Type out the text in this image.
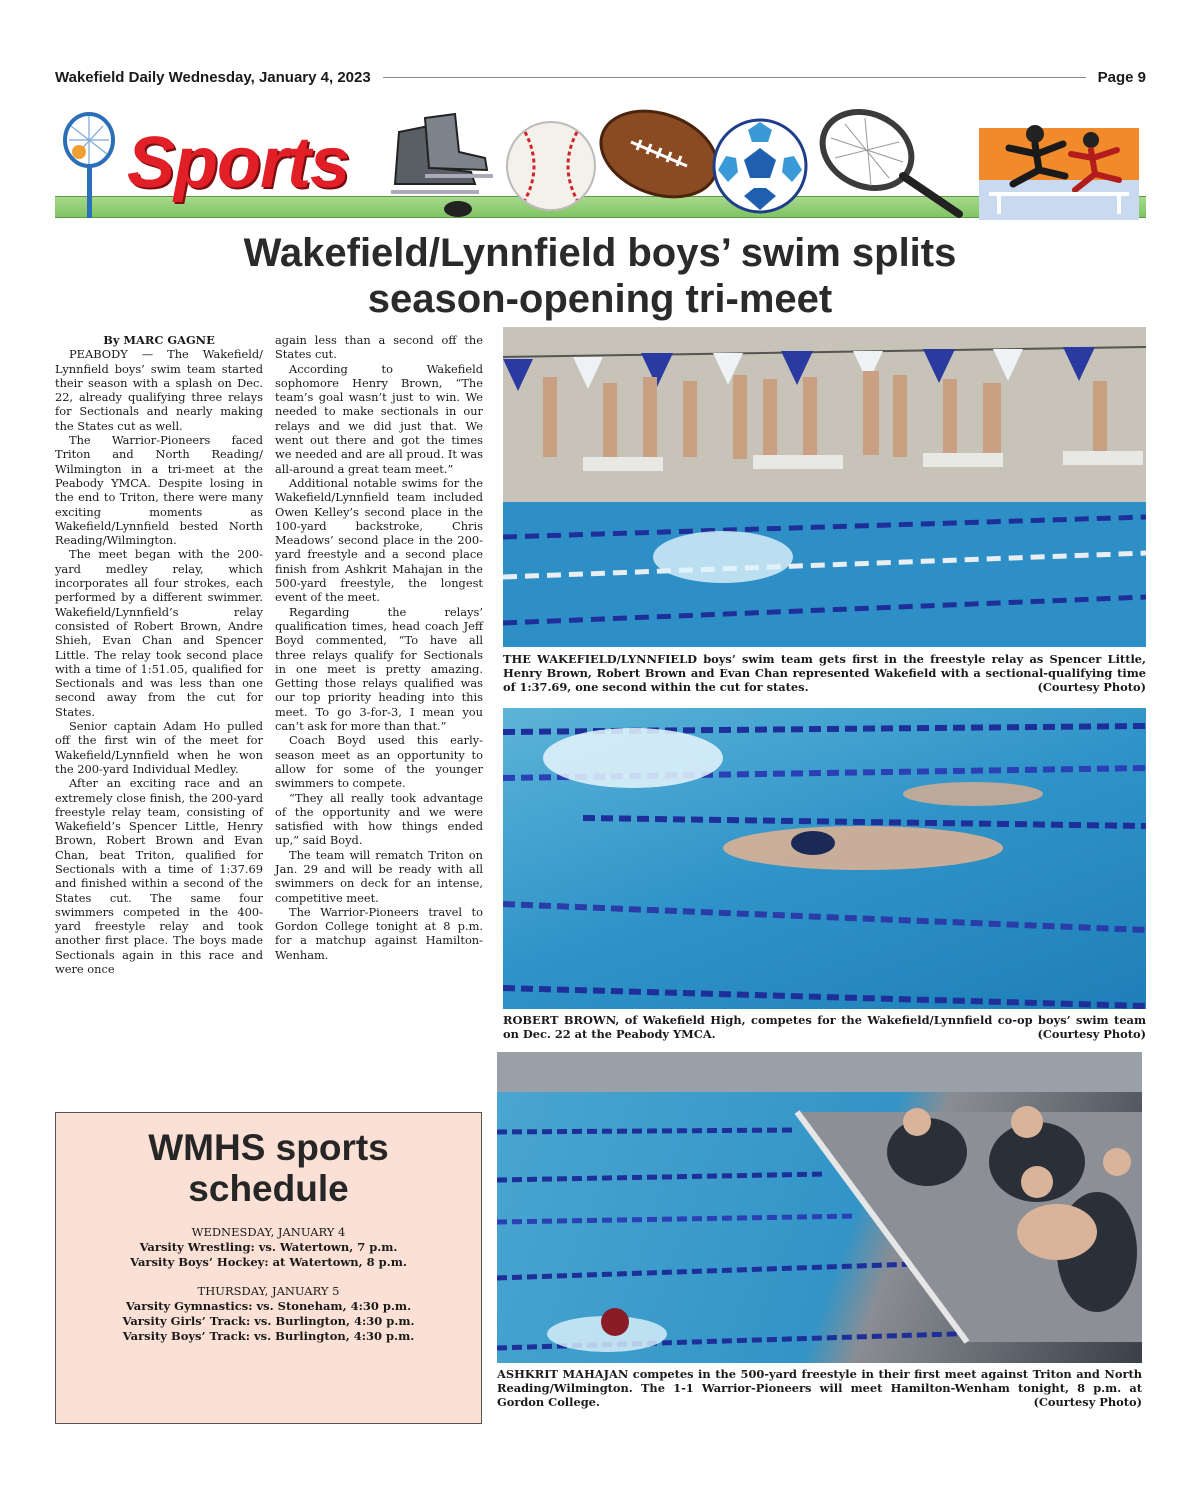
Wakefield Daily Wednesday, January 4, 2023	Page 9
Sports
Wakefield/Lynnfield boys’ swim splits
season-opening tri-meet

By MARC GAGNE

PEABODY — The Wakefield/ Lynnfield boys’ swim team started their season with a splash on Dec. 22, already qualifying three relays for Sectionals and nearly making the States cut as well.

The Warrior-Pioneers faced Triton and North Reading/ Wilmington in a tri-meet at the Peabody YMCA. Despite losing in the end to Triton, there were many exciting moments as Wakefield/Lynnfield bested North Reading/Wilmington.

The meet began with the 200-yard medley relay, which incorporates all four strokes, each performed by a different swimmer. Wakefield/Lynnfield’s relay consisted of Robert Brown, Andre Shieh, Evan Chan and Spencer Little. The relay took second place with a time of 1:51.05, qualified for Sectionals and was less than one second away from the cut for States.

Senior captain Adam Ho pulled off the first win of the meet for Wakefield/Lynnfield when he won the 200-yard Individual Medley.

After an exciting race and an extremely close finish, the 200-yard freestyle relay team, consisting of Wakefield’s Spencer Little, Henry Brown, Robert Brown and Evan Chan, beat Triton, qualified for Sectionals with a time of 1:37.69 and finished within a second of the States cut. The same four swimmers competed in the 400-yard freestyle relay and took another first place. The boys made Sectionals again in this race and were once

again less than a second off the States cut.

According to Wakefield sophomore Henry Brown, “The team’s goal wasn’t just to win. We needed to make sectionals in our relays and we did just that. We went out there and got the times we needed and are all proud. It was all-around a great team meet.”

Additional notable swims for the Wakefield/Lynnfield team included Owen Kelley’s second place in the 100-yard backstroke, Chris Meadows’ second place in the 200-yard freestyle and a second place finish from Ashkrit Mahajan in the 500-yard freestyle, the longest event of the meet.

Regarding the relays’ qualification times, head coach Jeff Boyd commented, “To have all three relays qualify for Sectionals in one meet is pretty amazing. Getting those relays qualified was our top priority heading into this meet. To go 3-for-3, I mean you can’t ask for more than that.”

Coach Boyd used this early-season meet as an opportunity to allow for some of the younger swimmers to compete.

“They all really took advantage of the opportunity and we were satisfied with how things ended up,” said Boyd.

The team will rematch Triton on Jan. 29 and will be ready with all swimmers on deck for an intense, competitive meet.

The Warrior-Pioneers travel to Gordon College tonight at 8 p.m. for a matchup against Hamilton-Wenham.

THE WAKEFIELD/LYNNFIELD boys’ swim team gets first in the freestyle relay as Spencer Little, Henry Brown, Robert Brown and Evan Chan represented Wakefield with a sectional-qualifying time of 1:37.69, one second within the cut for states.	(Courtesy Photo)
ROBERT BROWN, of Wakefield High, competes for the Wakefield/Lynnfield co-op boys’ swim team on Dec. 22 at the Peabody YMCA.	(Courtesy Photo)
ASHKRIT MAHAJAN competes in the 500-yard freestyle in their first meet against Triton and North Reading/Wilmington. The 1-1 Warrior-Pioneers will meet Hamilton-Wenham tonight, 8 p.m. at Gordon College.	(Courtesy Photo)
WMHS sports
schedule
WEDNESDAY, JANUARY 4
Varsity Wrestling: vs. Watertown, 7 p.m.
Varsity Boys’ Hockey: at Watertown, 8 p.m.
THURSDAY, JANUARY 5
Varsity Gymnastics: vs. Stoneham, 4:30 p.m.
Varsity Girls’ Track: vs. Burlington, 4:30 p.m.
Varsity Boys’ Track: vs. Burlington, 4:30 p.m.
